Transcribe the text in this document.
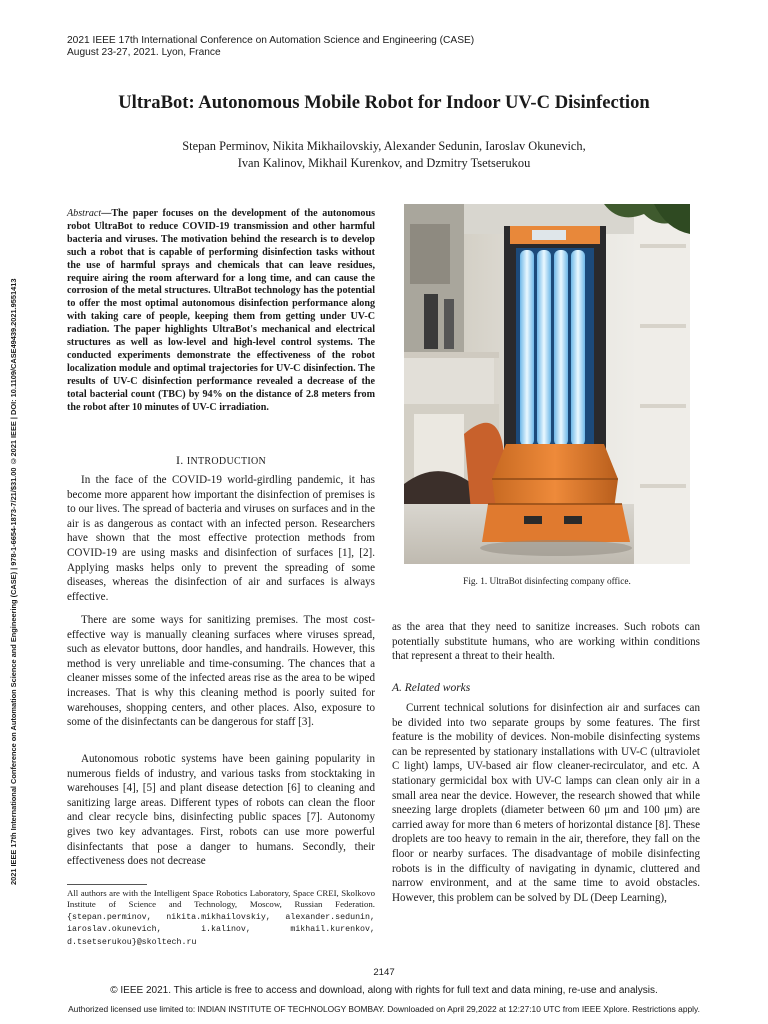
2021 IEEE 17th International Conference on Automation Science and Engineering (CASE)
August 23-27, 2021. Lyon, France
UltraBot: Autonomous Mobile Robot for Indoor UV-C Disinfection
Stepan Perminov, Nikita Mikhailovskiy, Alexander Sedunin, Iaroslav Okunevich,
Ivan Kalinov, Mikhail Kurenkov, and Dzmitry Tsetserukou
2021 IEEE 17th International Conference on Automation Science and Engineering (CASE) | 978-1-6654-1873-7/21/$31.00 ©2021 IEEE | DOI: 10.1109/CASE49439.2021.9551413
Abstract—The paper focuses on the development of the autonomous robot UltraBot to reduce COVID-19 transmission and other harmful bacteria and viruses. The motivation behind the research is to develop such a robot that is capable of performing disinfection tasks without the use of harmful sprays and chemicals that can leave residues, require airing the room afterward for a long time, and can cause the corrosion of the metal structures. UltraBot technology has the potential to offer the most optimal autonomous disinfection performance along with taking care of people, keeping them from getting under UV-C radiation. The paper highlights UltraBot's mechanical and electrical structures as well as low-level and high-level control systems. The conducted experiments demonstrate the effectiveness of the robot localization module and optimal trajectories for UV-C disinfection. The results of UV-C disinfection performance revealed a decrease of the total bacterial count (TBC) by 94% on the distance of 2.8 meters from the robot after 10 minutes of UV-C irradiation.
I. INTRODUCTION

In the face of the COVID-19 world-girdling pandemic, it has become more apparent how important the disinfection of premises is to our lives. The spread of bacteria and viruses on surfaces and in the air is as dangerous as contact with an infected person. Researchers have shown that the most effective protection methods from COVID-19 are using masks and disinfection of surfaces [1], [2]. Applying masks helps only to prevent the spreading of some diseases, whereas the disinfection of air and surfaces is always effective.

There are some ways for sanitizing premises. The most cost-effective way is manually cleaning surfaces where viruses spread, such as elevator buttons, door handles, and handrails. However, this method is very unreliable and time-consuming. The chances that a cleaner misses some of the infected areas rise as the area to be wiped increases. That is why this cleaning method is poorly suited for warehouses, shopping centers, and other places. Also, exposure to some of the disinfectants can be dangerous for staff [3].

Autonomous robotic systems have been gaining popularity in numerous fields of industry, and various tasks from stocktaking in warehouses [4], [5] and plant disease detection [6] to cleaning and sanitizing large areas. Different types of robots can clean the floor and clear recycle bins, disinfecting public spaces [7]. Autonomy gives two key advantages. First, robots can use more powerful disinfectants that pose a danger to humans. Secondly, their effectiveness does not decrease

All authors are with the Intelligent Space Robotics Laboratory, Space CREI, Skolkovo Institute of Science and Technology, Moscow, Russian Federation. {stepan.perminov, nikita.mikhailovskiy, alexander.sedunin, iaroslav.okunevich, i.kalinov, mikhail.kurenkov, d.tsetserukou}@skoltech.ru
Fig. 1. UltraBot disinfecting company office.

as the area that they need to sanitize increases. Such robots can potentially substitute humans, who are working within conditions that represent a threat to their health.

A. Related works

Current technical solutions for disinfection air and surfaces can be divided into two separate groups by some features. The first feature is the mobility of devices. Non-mobile disinfecting systems can be represented by stationary installations with UV-C (ultraviolet C light) lamps, UV-based air flow cleaner-recirculator, and etc. A stationary germicidal box with UV-C lamps can clean only air in a small area near the device. However, the research showed that while sneezing large droplets (diameter between 60 μm and 100 μm) are carried away for more than 6 meters of horizontal distance [8]. These droplets are too heavy to remain in the air, therefore, they fall on the floor or nearby surfaces. The disadvantage of mobile disinfecting robots is in the difficulty of navigating in dynamic, cluttered and narrow environment, and at the same time to avoid obstacles. However, this problem can be solved by DL (Deep Learning),

2147
© IEEE 2021. This article is free to access and download, along with rights for full text and data mining, re-use and analysis.
Authorized licensed use limited to: INDIAN INSTITUTE OF TECHNOLOGY BOMBAY. Downloaded on April 29,2022 at 12:27:10 UTC from IEEE Xplore. Restrictions apply.
